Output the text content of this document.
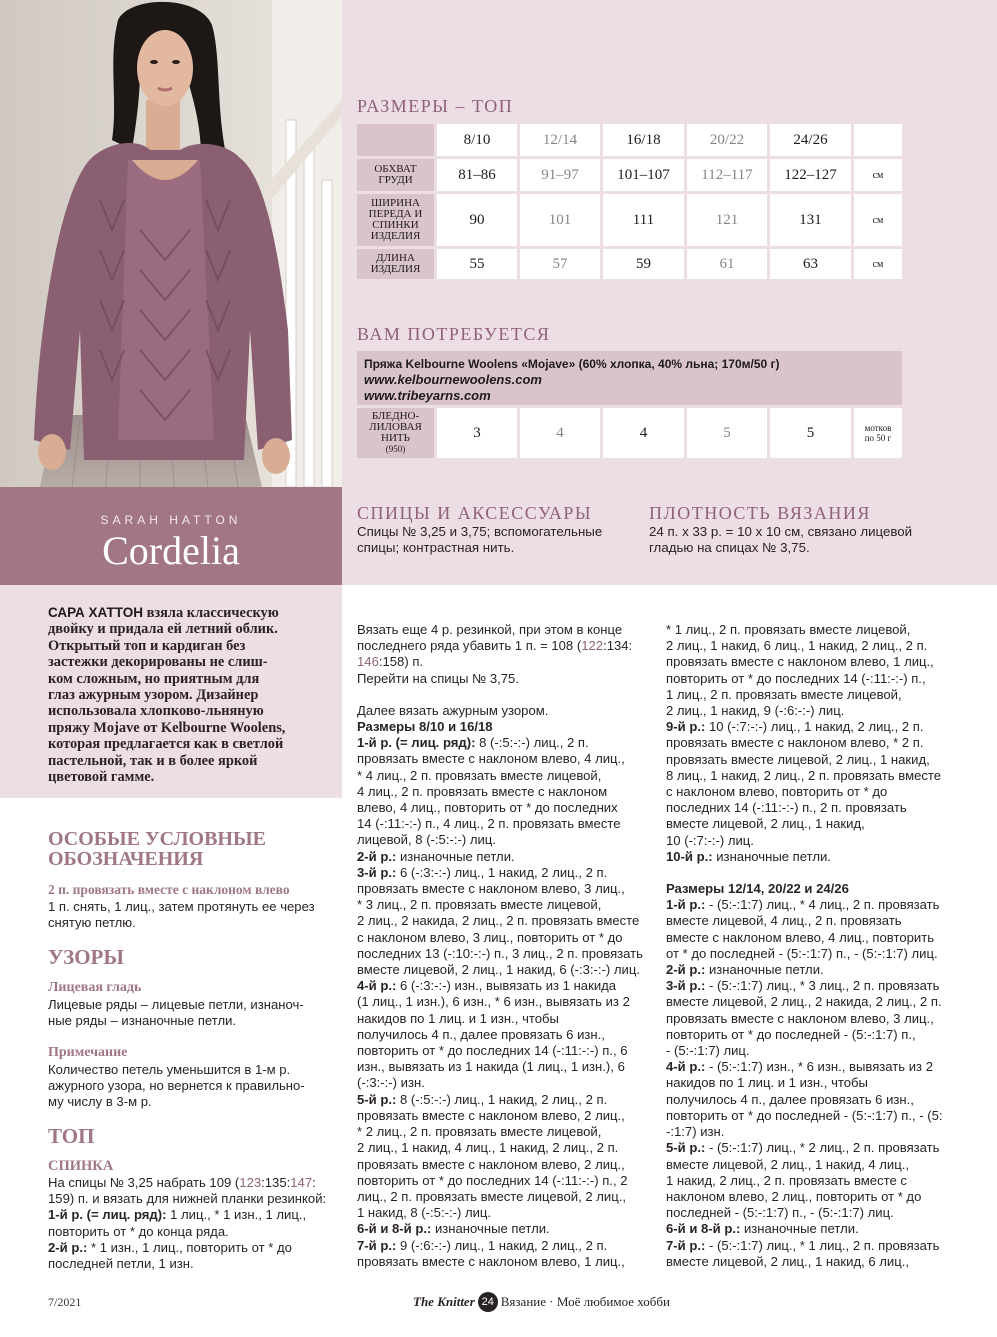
SARAH HATTON
Cordelia
РАЗМЕРЫ – ТОП
8/10	12/14	16/18	20/22	24/26
ОБХВАТ
ГРУДИ	81–86	91–97	101–107	112–117	122–127	см
ШИРИНА
ПЕРЕДА И
СПИНКИ
ИЗДЕЛИЯ
90	101	111	121	131	см
ДЛИНА
ИЗДЕЛИЯ	55	57	59	61	63	см
ВАМ ПОТРЕБУЕТСЯ
Пряжа Kelbourne Woolens «Mojave» (60% хлопка, 40% льна; 170м/50 г)
www.kelbournewoolens.com
www.tribeyarns.com
БЛЕДНО-
ЛИЛОВАЯ
НИТЬ
(950)
3	4	4	5	5	мотков
по 50 г
СПИЦЫ И АКСЕССУАРЫ
Спицы № 3,25 и 3,75; вспомогательные
спицы; контрастная нить.
ПЛОТНОСТЬ ВЯЗАНИЯ
24 п. х 33 р. = 10 х 10 см, связано лицевой
гладью на спицах № 3,75.
САРА ХАТТОН взяла классическую
двойку и придала ей летний облик.
Открытый топ и кардиган без
застежки декорированы не слиш-
ком сложным, но приятным для
глаз ажурным узором. Дизайнер
использовала хлопково-льняную
пряжу Mojave от Kelbourne Woolens,
которая предлагается как в светлой
пастельной, так и в более яркой
цветовой гамме.
ОСОБЫЕ УСЛОВНЫЕ
ОБОЗНАЧЕНИЯ
2 п. провязать вместе с наклоном влево
1 п. снять, 1 лиц., затем протянуть ее через
снятую петлю.
УЗОРЫ
Лицевая гладь
Лицевые ряды – лицевые петли, изнаноч-
ные ряды – изнаночные петли.
Примечание
Количество петель уменьшится в 1-м р.
ажурного узора, но вернется к правильно-
му числу в 3-м р.
ТОП
СПИНКА
На спицы № 3,25 набрать 109 (123:135:147:
159) п. и вязать для нижней планки резинкой:
1-й р. (= лиц. ряд): 1 лиц., * 1 изн., 1 лиц.,
повторить от * до конца ряда.
2-й р.: * 1 изн., 1 лиц., повторить от * до
последней петли, 1 изн.
Вязать еще 4 р. резинкой, при этом в конце
последнего ряда убавить 1 п. = 108 (122:134:
146:158) п.
Перейти на спицы № 3,75.
Далее вязать ажурным узором.
Размеры 8/10 и 16/18
1-й р. (= лиц. ряд): 8 (-:5:-:-) лиц., 2 п.
провязать вместе с наклоном влево, 4 лиц.,
* 4 лиц., 2 п. провязать вместе лицевой,
4 лиц., 2 п. провязать вместе с наклоном
влево, 4 лиц., повторить от * до последних
14 (-:11:-:-) п., 4 лиц., 2 п. провязать вместе
лицевой, 8 (-:5:-:-) лиц.
2-й р.: изнаночные петли.
3-й р.: 6 (-:3:-:-) лиц., 1 накид, 2 лиц., 2 п.
провязать вместе с наклоном влево, 3 лиц.,
* 3 лиц., 2 п. провязать вместе лицевой,
2 лиц., 2 накида, 2 лиц., 2 п. провязать вместе
с наклоном влево, 3 лиц., повторить от * до
последних 13 (-:10:-:-) п., 3 лиц., 2 п. провязать
вместе лицевой, 2 лиц., 1 накид, 6 (-:3:-:-) лиц.
4-й р.: 6 (-:3:-:-) изн., вывязать из 1 накида
(1 лиц., 1 изн.), 6 изн., * 6 изн., вывязать из 2
накидов по 1 лиц. и 1 изн., чтобы
получилось 4 п., далее провязать 6 изн.,
повторить от * до последних 14 (-:11:-:-) п., 6
изн., вывязать из 1 накида (1 лиц., 1 изн.), 6
(-:3:-:-) изн.
5-й р.: 8 (-:5:-:-) лиц., 1 накид, 2 лиц., 2 п.
провязать вместе с наклоном влево, 2 лиц.,
* 2 лиц., 2 п. провязать вместе лицевой,
2 лиц., 1 накид, 4 лиц., 1 накид, 2 лиц., 2 п.
провязать вместе с наклоном влево, 2 лиц.,
повторить от * до последних 14 (-:11:-:-) п., 2
лиц., 2 п. провязать вместе лицевой, 2 лиц.,
1 накид, 8 (-:5:-:-) лиц.
6-й и 8-й р.: изнаночные петли.
7-й р.: 9 (-:6:-:-) лиц., 1 накид, 2 лиц., 2 п.
провязать вместе с наклоном влево, 1 лиц.,
* 1 лиц., 2 п. провязать вместе лицевой,
2 лиц., 1 накид, 6 лиц., 1 накид, 2 лиц., 2 п.
провязать вместе с наклоном влево, 1 лиц.,
повторить от * до последних 14 (-:11:-:-) п.,
1 лиц., 2 п. провязать вместе лицевой,
2 лиц., 1 накид, 9 (-:6:-:-) лиц.
9-й р.: 10 (-:7:-:-) лиц., 1 накид, 2 лиц., 2 п.
провязать вместе с наклоном влево, * 2 п.
провязать вместе лицевой, 2 лиц., 1 накид,
8 лиц., 1 накид, 2 лиц., 2 п. провязать вместе
с наклоном влево, повторить от * до
последних 14 (-:11:-:-) п., 2 п. провязать
вместе лицевой, 2 лиц., 1 накид,
10 (-:7:-:-) лиц.
10-й р.: изнаночные петли.
Размеры 12/14, 20/22 и 24/26
1-й р.: - (5:-:1:7) лиц., * 4 лиц., 2 п. провязать
вместе лицевой, 4 лиц., 2 п. провязать
вместе с наклоном влево, 4 лиц., повторить
от * до последней - (5:-:1:7) п., - (5:-:1:7) лиц.
2-й р.: изнаночные петли.
3-й р.: - (5:-:1:7) лиц., * 3 лиц., 2 п. провязать
вместе лицевой, 2 лиц., 2 накида, 2 лиц., 2 п.
провязать вместе с наклоном влево, 3 лиц.,
повторить от * до последней - (5:-:1:7) п.,
- (5:-:1:7) лиц.
4-й р.: - (5:-:1:7) изн., * 6 изн., вывязать из 2
накидов по 1 лиц. и 1 изн., чтобы
получилось 4 п., далее провязать 6 изн.,
повторить от * до последней - (5:-:1:7) п., - (5:
-:1:7) изн.
5-й р.: - (5:-:1:7) лиц., * 2 лиц., 2 п. провязать
вместе лицевой, 2 лиц., 1 накид, 4 лиц.,
1 накид, 2 лиц., 2 п. провязать вместе с
наклоном влево, 2 лиц., повторить от * до
последней - (5:-:1:7) п., - (5:-:1:7) лиц.
6-й и 8-й р.: изнаночные петли.
7-й р.: - (5:-:1:7) лиц., * 1 лиц., 2 п. провязать
вместе лицевой, 2 лиц., 1 накид, 6 лиц.,
7/2021	The Knitter 24 Вязание · Моё любимое хобби
